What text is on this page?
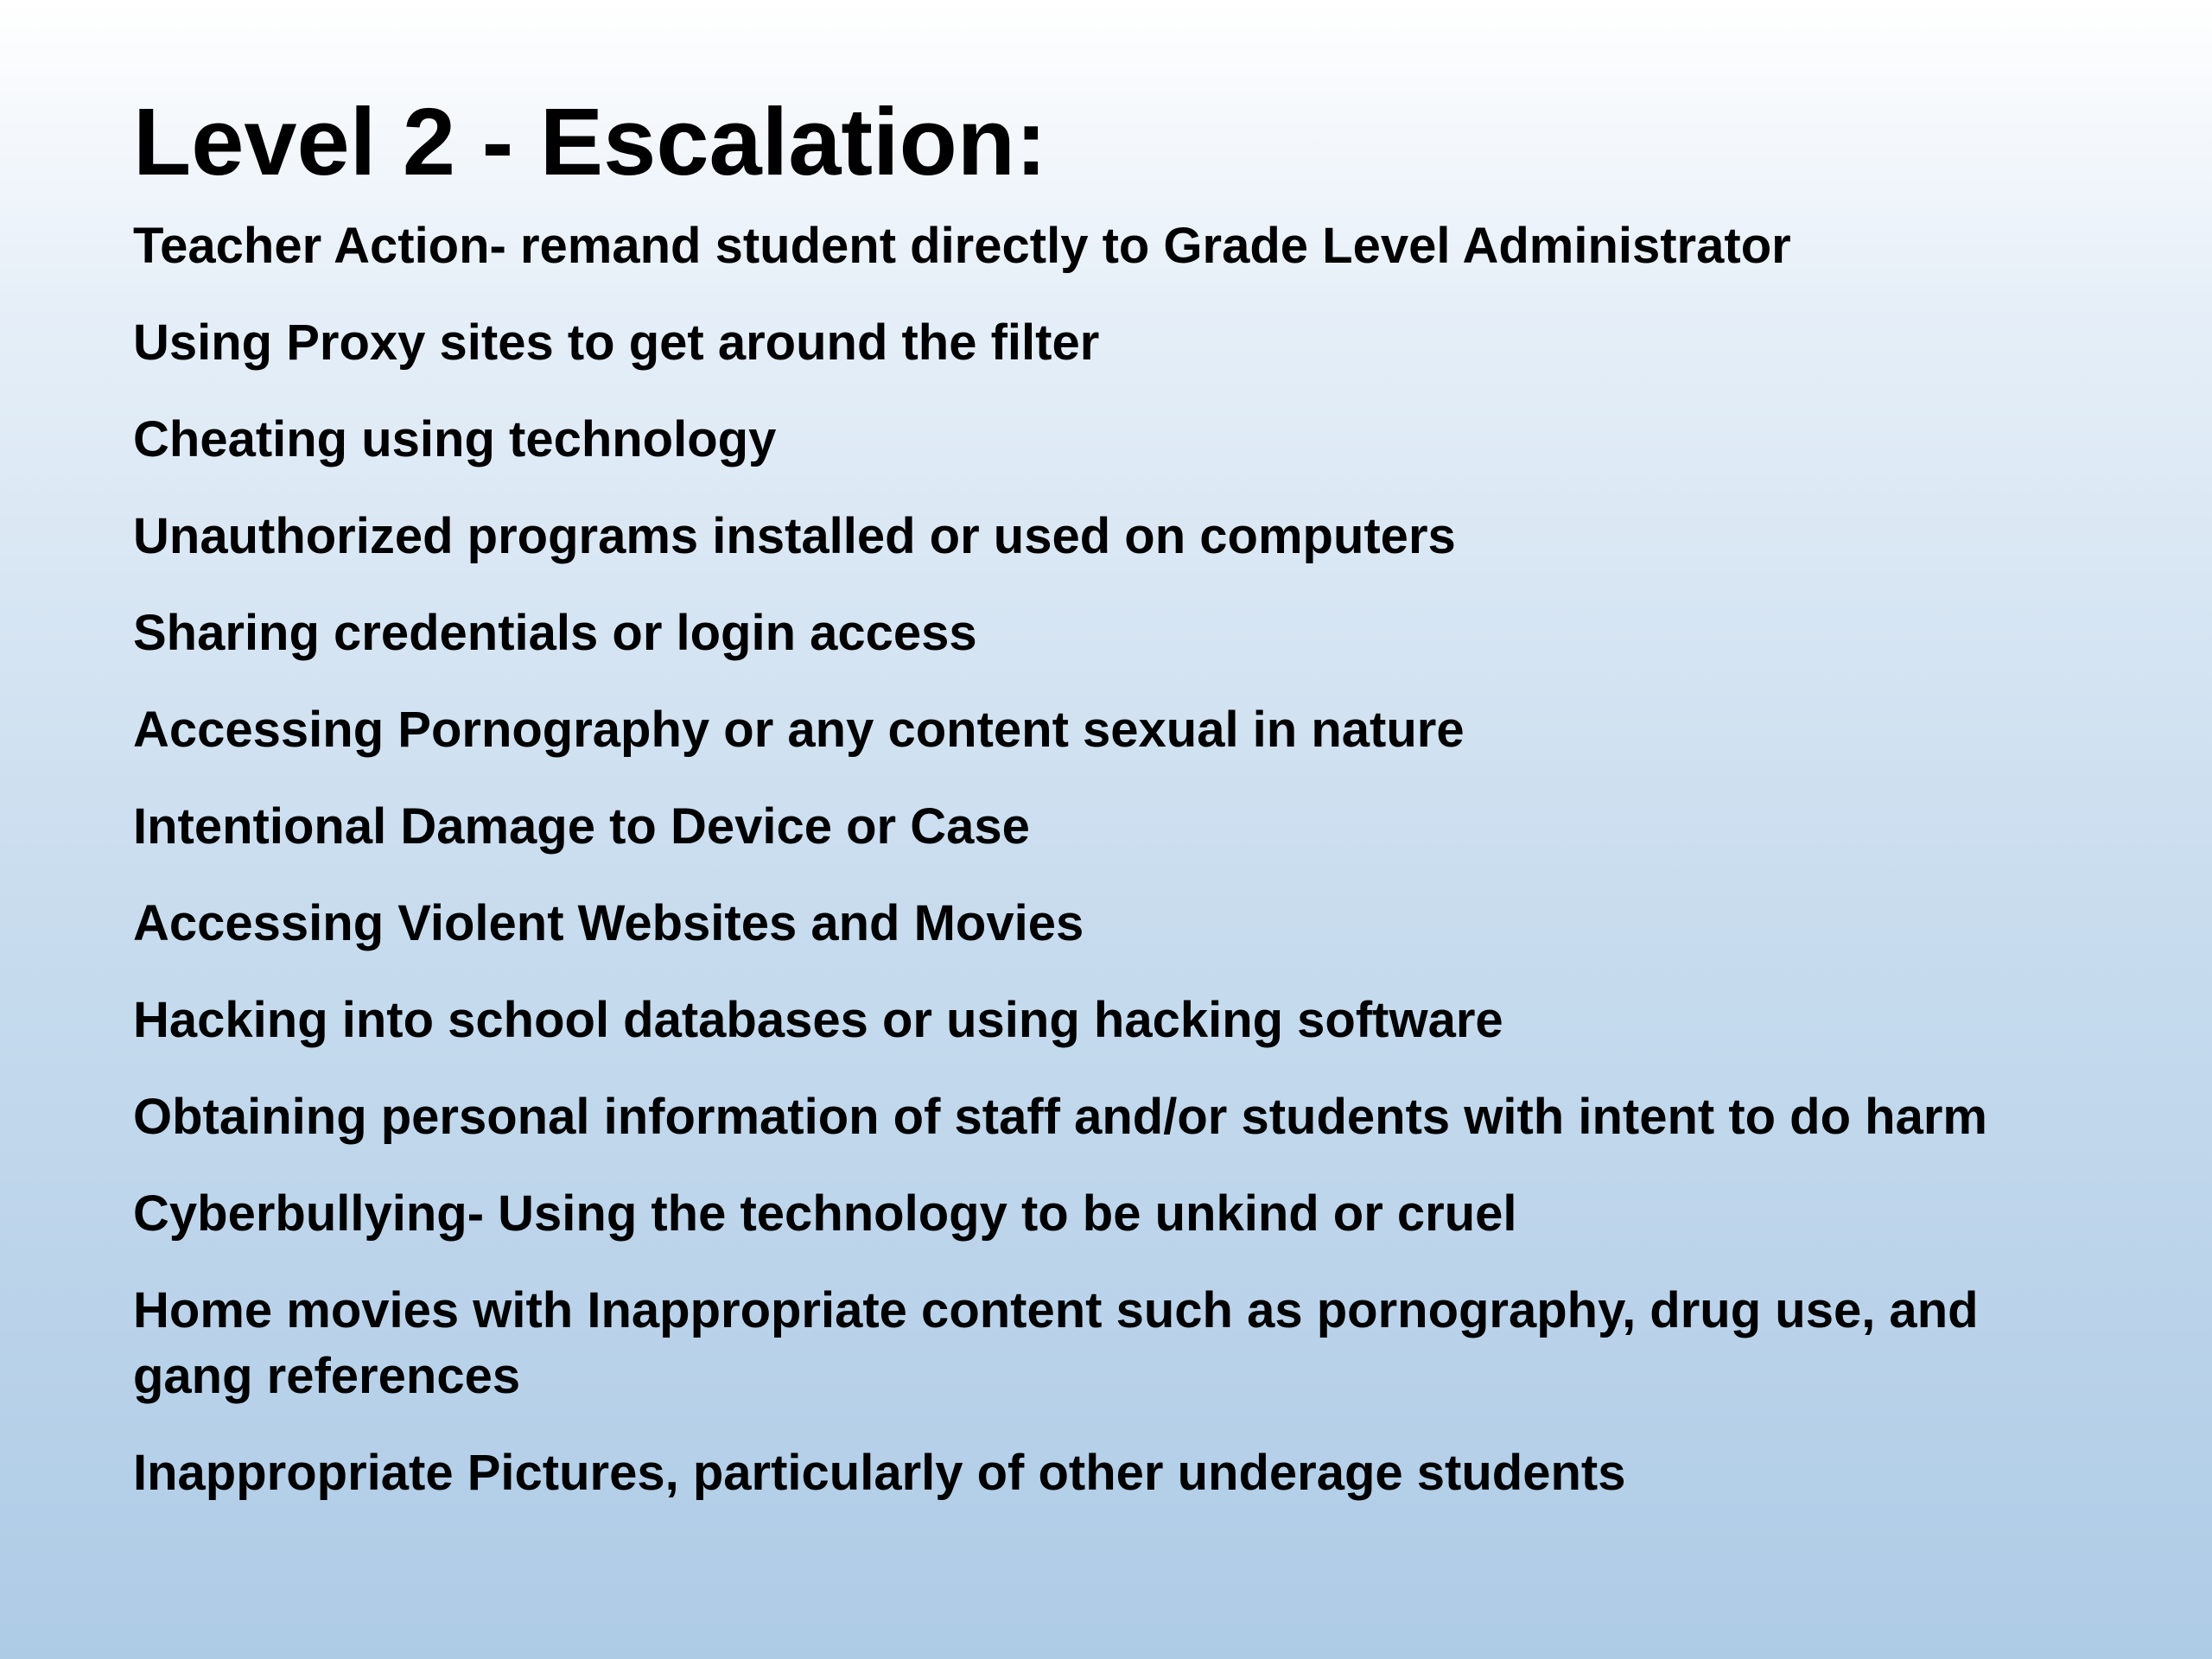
Level 2 - Escalation:
Teacher Action- remand student directly to Grade Level Administrator
Using Proxy sites to get around the filter
Cheating using technology
Unauthorized programs installed or used on computers
Sharing credentials or login access
Accessing Pornography or any content sexual in nature
Intentional Damage to Device or Case
Accessing Violent Websites and Movies
Hacking into school databases or using hacking software
Obtaining personal information of staff and/or students with intent to do harm
Cyberbullying- Using the technology to be unkind or cruel
Home movies with Inappropriate content such as pornography, drug use, and gang references
Inappropriate Pictures, particularly of other underage students
